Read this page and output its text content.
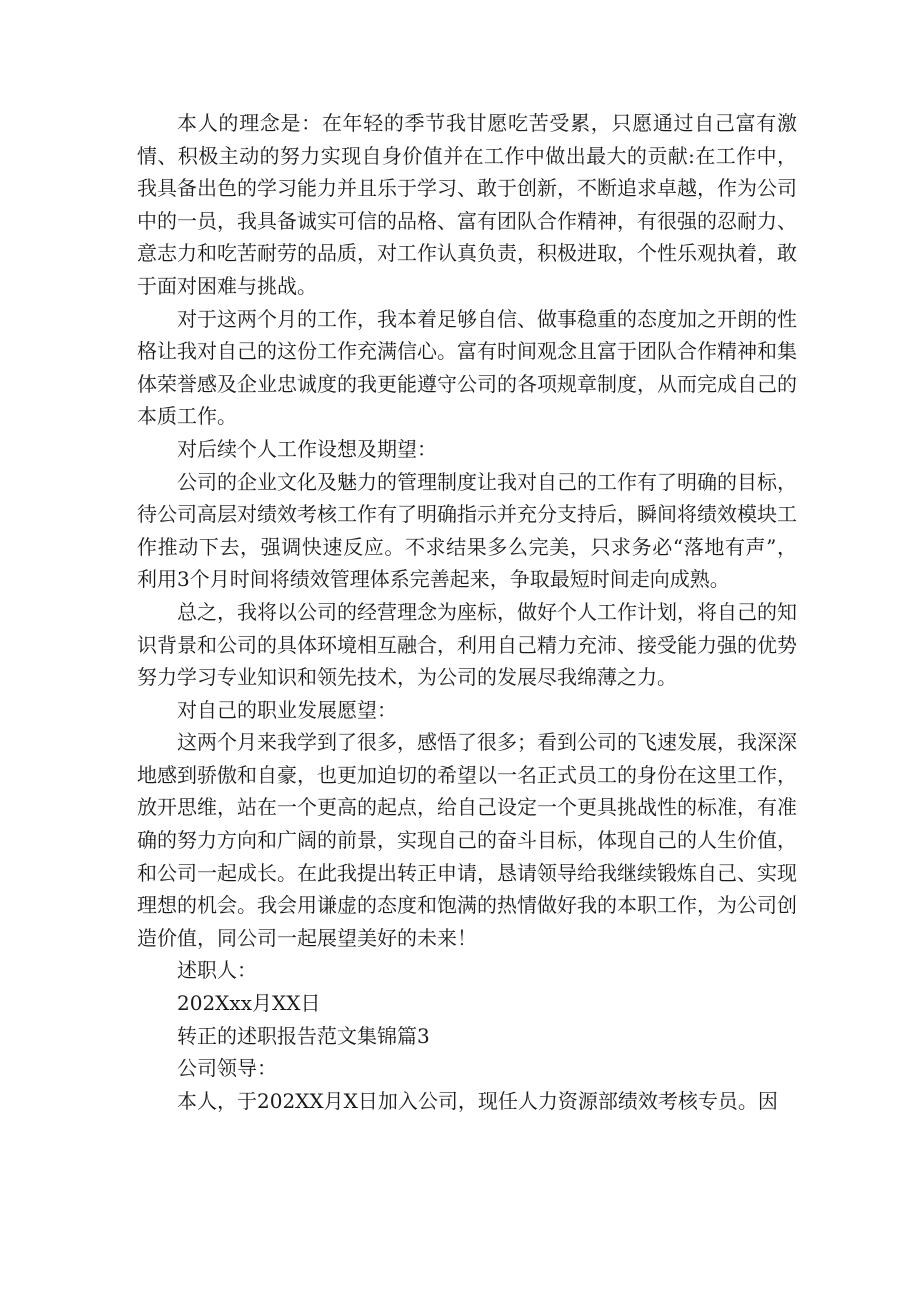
本人的理念是：在年轻的季节我甘愿吃苦受累，只愿通过自己富有激情、积极主动的努力实现自身价值并在工作中做出最大的贡献:在工作中，我具备出色的学习能力并且乐于学习、敢于创新，不断追求卓越，作为公司中的一员，我具备诚实可信的品格、富有团队合作精神，有很强的忍耐力、意志力和吃苦耐劳的品质，对工作认真负责，积极进取，个性乐观执着，敢于面对困难与挑战。

对于这两个月的工作，我本着足够自信、做事稳重的态度加之开朗的性格让我对自己的这份工作充满信心。富有时间观念且富于团队合作精神和集体荣誉感及企业忠诚度的我更能遵守公司的各项规章制度，从而完成自己的本质工作。

对后续个人工作设想及期望：

公司的企业文化及魅力的管理制度让我对自己的工作有了明确的目标，待公司高层对绩效考核工作有了明确指示并充分支持后，瞬间将绩效模块工作推动下去，强调快速反应。不求结果多么完美，只求务必“落地有声”，利用3个月时间将绩效管理体系完善起来，争取最短时间走向成熟。

总之，我将以公司的经营理念为座标，做好个人工作计划，将自己的知识背景和公司的具体环境相互融合，利用自己精力充沛、接受能力强的优势努力学习专业知识和领先技术，为公司的发展尽我绵薄之力。

对自己的职业发展愿望：

这两个月来我学到了很多，感悟了很多；看到公司的飞速发展，我深深地感到骄傲和自豪，也更加迫切的希望以一名正式员工的身份在这里工作，放开思维，站在一个更高的起点，给自己设定一个更具挑战性的标准，有准确的努力方向和广阔的前景，实现自己的奋斗目标，体现自己的人生价值，和公司一起成长。在此我提出转正申请，恳请领导给我继续锻炼自己、实现理想的机会。我会用谦虚的态度和饱满的热情做好我的本职工作，为公司创造价值，同公司一起展望美好的未来！

述职人：

202Xxx月XX日

转正的述职报告范文集锦篇3

公司领导：

本人，于202XX月X日加入公司，现任人力资源部绩效考核专员。因
